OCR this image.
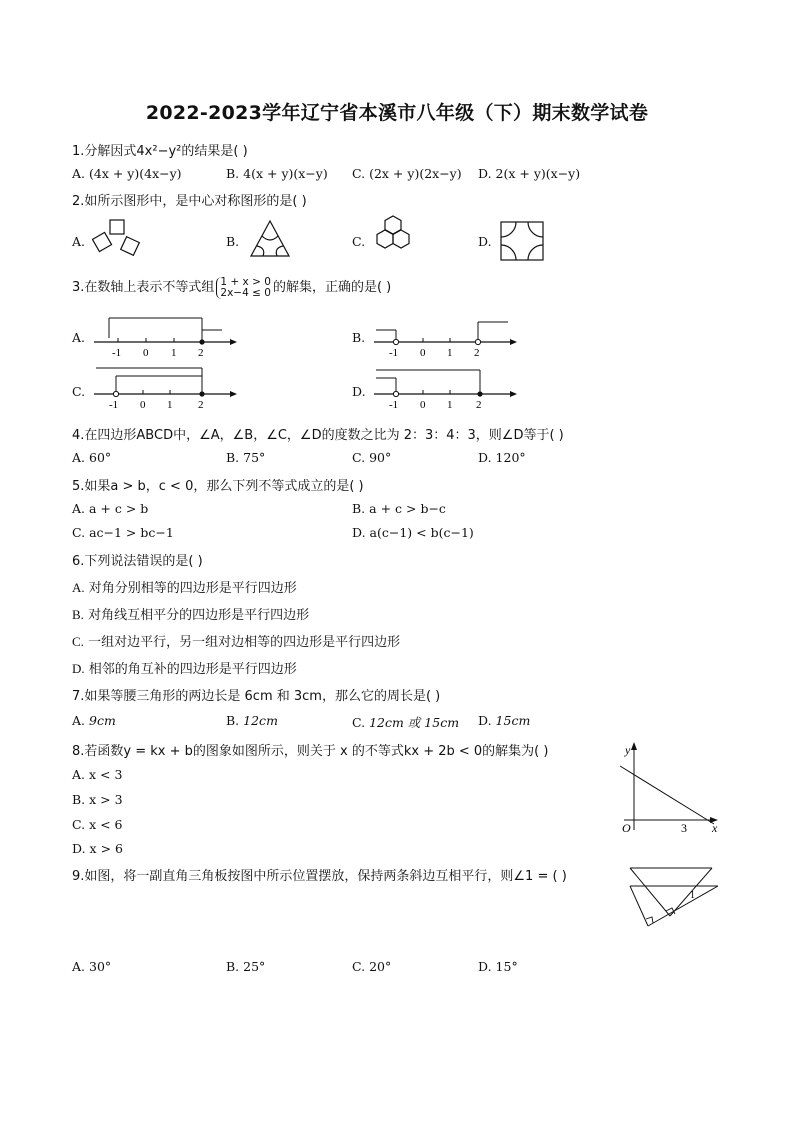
2022-2023学年辽宁省本溪市八年级（下）期末数学试卷
1.分解因式4x²−y²的结果是( )
A. (4x + y)(4x−y)	B. 4(x + y)(x−y) C. (2x + y)(2x−y) D. 2(x + y)(x−y)
2.如所示图形中，是中心对称图形的是( )
A.	B.	C.	D.
3.在数轴上表示不等式组 1 + x > 0
2x−4 ≤ 0 的解集，正确的是( )
A.
-1 0 1 2
B.
-1 0 1 2
C.
-1 0 1 2
D.
-1 0 1 2
4.在四边形ABCD中，∠A，∠B，∠C，∠D的度数之比为 2：3：4：3，则∠D等于( )
A. 60°	B. 75°	C. 90°	D. 120°
5.如果a > b，c < 0，那么下列不等式成立的是( )
A. a + c > b	B. a + c > b−c
C. ac−1 > bc−1	D. a(c−1) < b(c−1)
6.下列说法错误的是( )
A. 对角分别相等的四边形是平行四边形
B. 对角线互相平分的四边形是平行四边形
C. 一组对边平行，另一组对边相等的四边形是平行四边形
D. 相邻的角互补的四边形是平行四边形
7.如果等腰三角形的两边长是 6cm 和 3cm，那么它的周长是( )
A. 9cm	B. 12cm	C. 12cm 或 15cm D. 15cm
8.若函数y = kx + b的图象如图所示，则关于 x 的不等式kx + 2b < 0的解集为( )
A. x < 3
B. x > 3
C. x < 6
D. x > 6
y
x
O	3
9.如图，将一副直角三角板按图中所示位置摆放，保持两条斜边互相平行，则∠1 = ( )
1
A. 30°	B. 25°	C. 20°	D. 15°
